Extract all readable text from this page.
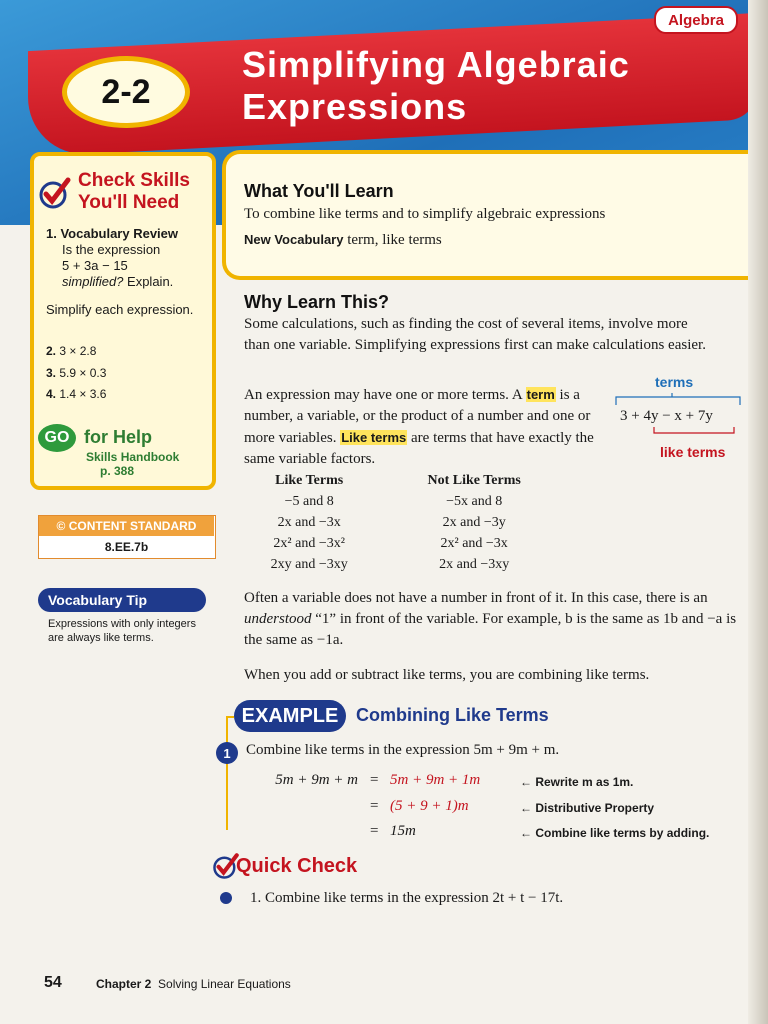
2-2
Simplifying Algebraic
Expressions
Algebra
Check Skills
You'll Need
1. Vocabulary Review
Is the expression
5 + 3a − 15
simplified? Explain.
Simplify each expression.
2. 3 × 2.8
3. 5.9 × 0.3
4. 1.4 × 3.6
GO for Help
Skills Handbook
p. 388
© CONTENT STANDARD
8.EE.7b
Vocabulary Tip
Expressions with only integers are always like terms.
What You'll Learn
To combine like terms and to simplify algebraic expressions
New Vocabulary term, like terms
Why Learn This?
Some calculations, such as finding the cost of several items, involve more than one variable. Simplifying expressions first can make calculations easier.
An expression may have one or more terms. A term is a number, a variable, or the product of a number and one or more variables. Like terms are terms that have exactly the same variable factors.
terms
3 + 4y − x + 7y
like terms
Like Terms	Not Like Terms
−5 and 8	−5x and 8
2x and −3x	2x and −3y
2x² and −3x²	2x² and −3x
2xy and −3xy	2x and −3xy
Often a variable does not have a number in front of it. In this case, there is an understood “1” in front of the variable. For example, b is the same as 1b and −a is the same as −1a.
When you add or subtract like terms, you are combining like terms.
EXAMPLE Combining Like Terms
1	Combine like terms in the expression 5m + 9m + m.
5m + 9m + m = 5m + 9m + 1m	← Rewrite m as 1m.
= (5 + 9 + 1)m	← Distributive Property
= 15m	← Combine like terms by adding.
Quick Check
1. Combine like terms in the expression 2t + t − 17t.
54	Chapter 2 Solving Linear Equations
